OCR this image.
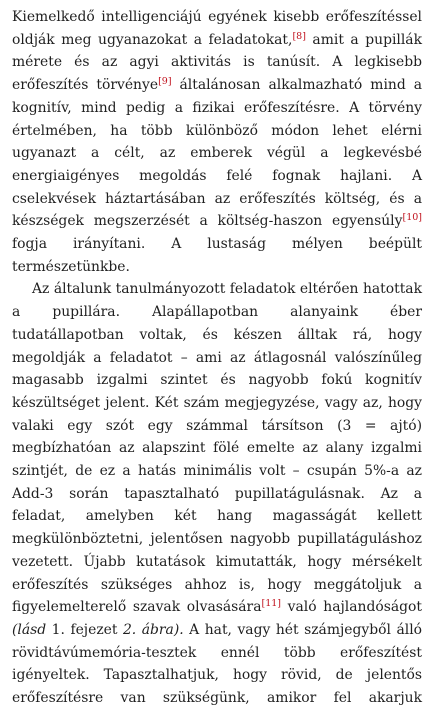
Kiemelkedő intelligenciájú egyének kisebb erőfeszítéssel oldják meg ugyanazokat a feladatokat,[8] amit a pupillák mérete és az agyi aktivitás is tanúsít. A legkisebb erőfeszítés törvénye[9] általánosan alkalmazható mind a kognitív, mind pedig a fizikai erőfeszítésre. A törvény értelmében, ha több különböző módon lehet elérni ugyanazt a célt, az emberek végül a legkevésbé energiaigényes megoldás felé fognak hajlani. A cselekvések háztartásában az erőfeszítés költség, és a készségek megszerzését a költség-haszon egyensúly[10] fogja irányítani. A lustaság mélyen beépült természetünkbe.

Az általunk tanulmányozott feladatok eltérően hatottak a pupillára. Alapállapotban alanyaink éber tudatállapotban voltak, és készen álltak rá, hogy megoldják a feladatot – ami az átlagosnál valószínűleg magasabb izgalmi szintet és nagyobb fokú kognitív készültséget jelent. Két szám megjegyzése, vagy az, hogy valaki egy szót egy számmal társítson (3 = ajtó) megbízhatóan az alapszint fölé emelte az alany izgalmi szintjét, de ez a hatás minimális volt – csupán 5%-a az Add-3 során tapasztalható pupillatágulásnak. Az a feladat, amelyben két hang magasságát kellett megkülönböztetni, jelentősen nagyobb pupillatáguláshoz vezetett. Újabb kutatások kimutatták, hogy mérsékelt erőfeszítés szükséges ahhoz is, hogy meggátoljuk a figyelemelterelő szavak olvasására[11] való hajlandóságot (lásd 1. fejezet 2. ábra). A hat, vagy hét számjegyből álló rövidtávúmemória-tesztek ennél több erőfeszítést igényeltek. Tapasztalhatjuk, hogy rövid, de jelentős erőfeszítésre van szükségünk, amikor fel akarjuk
